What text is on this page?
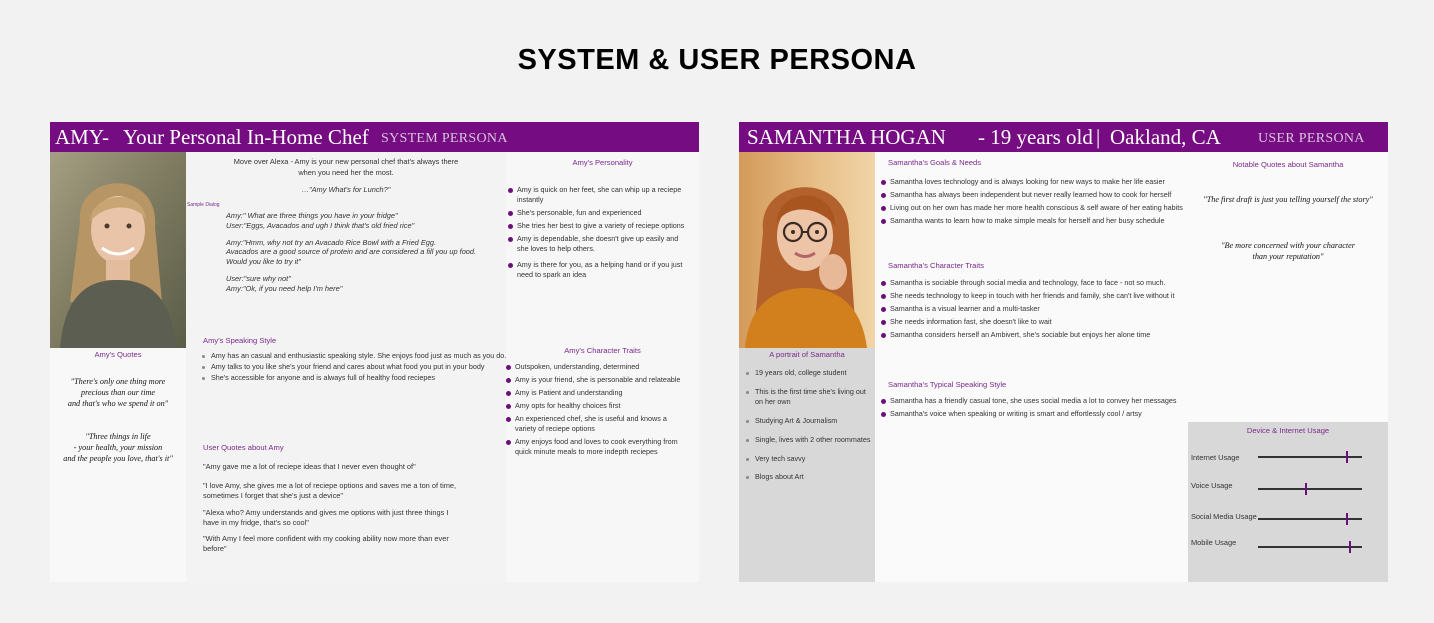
SYSTEM & USER PERSONA
AMY
- Your Personal In-Home Chef SYSTEM PERSONA
Amy's Quotes
"There's only one thing more
precious than our time
and that's who we spend it on"
"Three things in life
- your health, your mission
and the people you love, that's it"
Move over Alexa - Amy is your new personal chef that's always there
when you need her the most.
…"Amy What's for Lunch?"
Sample Dialog
Amy:" What are three things you have in your fridge"
User:"Eggs, Avacados and ugh I think that's old fried rice"
Amy:"Hmm, why not try an Avacado Rice Bowl with a Fried Egg.
Avacados are a good source of protein and are considered a fill you up food.
Would you like to try it"
User:"sure why not"
Amy:"Ok, if you need help I'm here"
Amy's Personality
Amy is quick on her feet, she can whip up a reciepe instantly
She's personable, fun and experienced
She tries her best to give a variety of reciepe options
Amy is dependable, she doesn't give up easily and she loves to help others.
Amy is there for you, as a helping hand or if you just need to spark an idea
Amy's Speaking Style
Amy has an casual and enthusiastic speaking style. She enjoys food just as much as you do.
Amy talks to you like she's your friend and cares about what food you put in your body
She's accessible for anyone and is always full of healthy food reciepes
Amy's Character Traits
Outspoken, understanding, determined
Amy is your friend, she is personable and relateable
Amy is Patient and understanding
Amy opts for healthy choices first
An experienced chef, she is useful and knows a variety of reciepe options
Amy enjoys food and loves to cook everything from quick minute meals to more indepth reciepes
User Quotes about Amy
"Amy gave me a lot of reciepe ideas that I never even thought of"
"I love Amy, she gives me a lot of reciepe options and saves me a ton of time, sometimes I forget that she's just a device"
"Alexa who? Amy understands and gives me options with just three things I have in my fridge, that's so cool"
"With Amy I feel more confident with my cooking ability now more than ever before"
SAMANTHA HOGAN - 19 years old | Oakland, CA	USER PERSONA
A portrait of Samantha
19 years old, college student
This is the first time she's living out on her own
Studying Art & Journalism
Single, lives with 2 other roommates
Very tech savvy
Blogs about Art
Samantha's Goals & Needs
Samantha loves technology and is always looking for new ways to make her life easier
Samantha has always been independent but never really learned how to cook for herself
Living out on her own has made her more health conscious & self aware of her eating habits
Samantha wants to learn how to make simple meals for herself and her busy schedule
Samantha's Character Traits
Samantha is sociable through social media and technology, face to face - not so much.
She needs technology to keep in touch with her friends and family, she can't live without it
Samantha is a visual learner and a multi-tasker
She needs information fast, she doesn't like to wait
Samantha considers herself an Ambivert, she's sociable but enjoys her alone time
Samantha's Typical Speaking Style
Samantha has a friendly casual tone, she uses social media a lot to convey her messages
Samantha's voice when speaking or writing is smart and effortlessly cool / artsy
Notable Quotes about Samantha
"The first draft is just you telling yourself the story"
"Be more concerned with your character
than your reputation"
Device & Internet Usage
Internet Usage
Voice Usage
Social Media Usage
Mobile Usage
